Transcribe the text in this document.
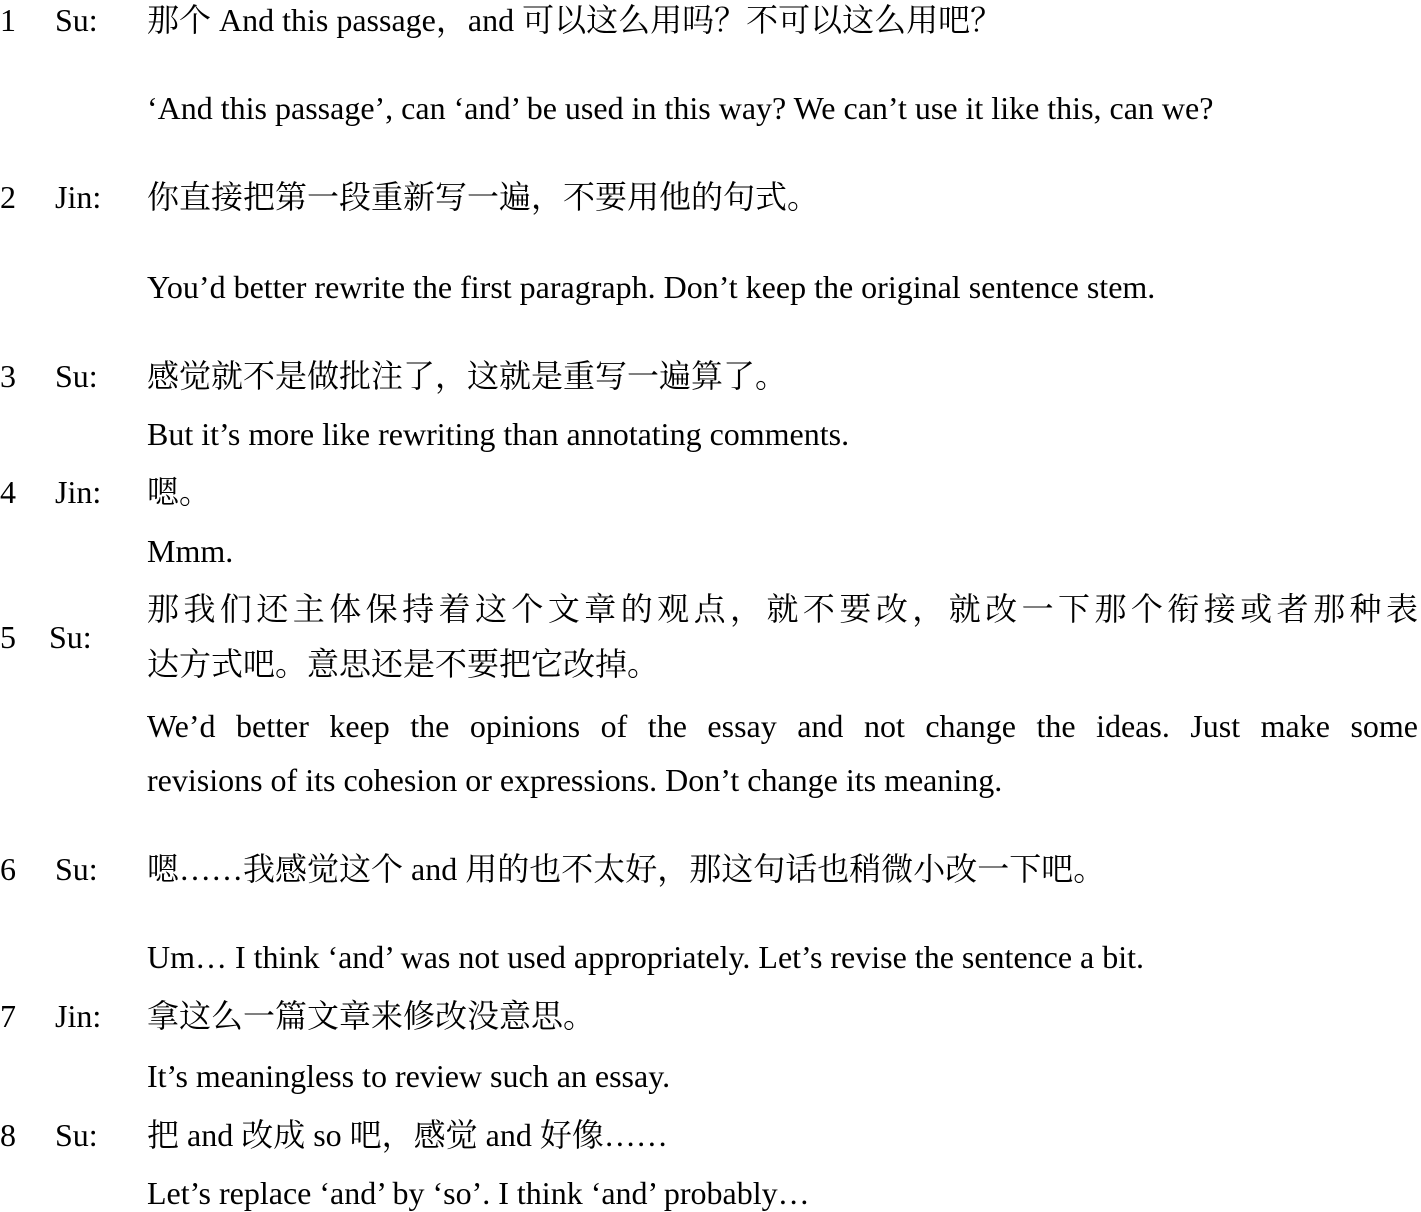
1 Su: 那个 And this passage，and 可以这么用吗？不可以这么用吧？
‘And this passage’, can ‘and’ be used in this way? We can’t use it like this, can we?
2 Jin: 你直接把第一段重新写一遍，不要用他的句式。
You’d better rewrite the first paragraph. Don’t keep the original sentence stem.
3 Su: 感觉就不是做批注了，这就是重写一遍算了。
But it’s more like rewriting than annotating comments.
4 Jin: 嗯。
Mmm.
5 Su:
那我们还主体保持着这个文章的观点，就不要改，就改一下那个衔接或者那种表
达方式吧。意思还是不要把它改掉。
We’d better keep the opinions of the essay and not change the ideas. Just make some
revisions of its cohesion or expressions. Don’t change its meaning.
6 Su: 嗯……我感觉这个 and 用的也不太好，那这句话也稍微小改一下吧。
Um… I think ‘and’ was not used appropriately. Let’s revise the sentence a bit.
7 Jin: 拿这么一篇文章来修改没意思。
It’s meaningless to review such an essay.
8 Su: 把 and 改成 so 吧，感觉 and 好像……
Let’s replace ‘and’ by ‘so’. I think ‘and’ probably…
